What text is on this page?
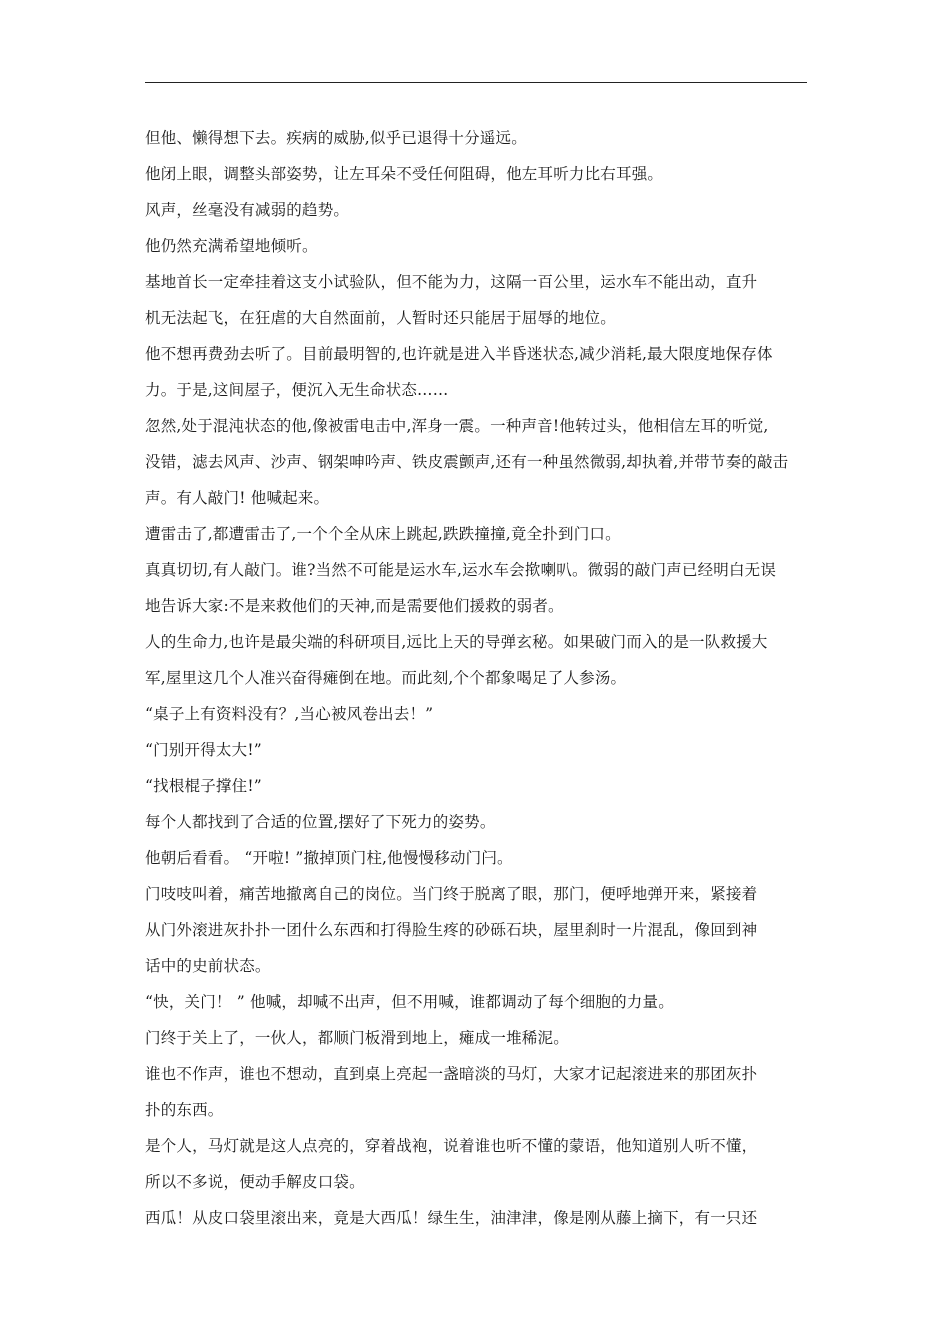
但他、懒得想下去。疾病的威胁,似乎已退得十分遥远。

他闭上眼，调整头部姿势，让左耳朵不受任何阻碍，他左耳听力比右耳强。

风声，丝毫没有减弱的趋势。

他仍然充满希望地倾听。

基地首长一定牵挂着这支小试验队，但不能为力，这隔一百公里，运水车不能出动，直升

机无法起飞，在狂虐的大自然面前，人暂时还只能居于屈辱的地位。

他不想再费劲去听了。目前最明智的,也许就是进入半昏迷状态,减少消耗,最大限度地保存体

力。于是,这间屋子，便沉入无生命状态……

忽然,处于混沌状态的他,像被雷电击中,浑身一震。一种声音!他转过头，他相信左耳的听觉,

没错，滤去风声、沙声、钢架呻吟声、铁皮震颤声,还有一种虽然微弱,却执着,并带节奏的敲击

声。有人敲门! 他喊起来。

遭雷击了,都遭雷击了,一个个全从床上跳起,跌跌撞撞,竟全扑到门口。

真真切切,有人敲门。谁?当然不可能是运水车,运水车会揿喇叭。微弱的敲门声已经明白无误

地告诉大家:不是来救他们的天神,而是需要他们援救的弱者。

人的生命力,也许是最尖端的科研项目,远比上天的导弹玄秘。如果破门而入的是一队救援大

军,屋里这几个人准兴奋得瘫倒在地。而此刻,个个都象喝足了人参汤。

“桌子上有资料没有？,当心被风卷出去！”

“门别开得太大!”

“找根棍子撑住!”

每个人都找到了合适的位置,摆好了下死力的姿势。

他朝后看看。 “开啦! ”撤掉顶门柱,他慢慢移动门闩。

门吱吱叫着，痛苦地撤离自己的岗位。当门终于脱离了眼，那门，便呼地弹开来，紧接着

从门外滚进灰扑扑一团什么东西和打得脸生疼的砂砾石块，屋里刹时一片混乱，像回到神

话中的史前状态。

“快，关门！ ” 他喊，却喊不出声，但不用喊，谁都调动了每个细胞的力量。

门终于关上了，一伙人，都顺门板滑到地上，瘫成一堆稀泥。

谁也不作声，谁也不想动，直到桌上亮起一盏暗淡的马灯，大家才记起滚进来的那团灰扑

扑的东西。

是个人，马灯就是这人点亮的，穿着战袍，说着谁也听不懂的蒙语，他知道别人听不懂，

所以不多说，便动手解皮口袋。

西瓜！从皮口袋里滚出来，竟是大西瓜！绿生生，油津津，像是刚从藤上摘下，有一只还
